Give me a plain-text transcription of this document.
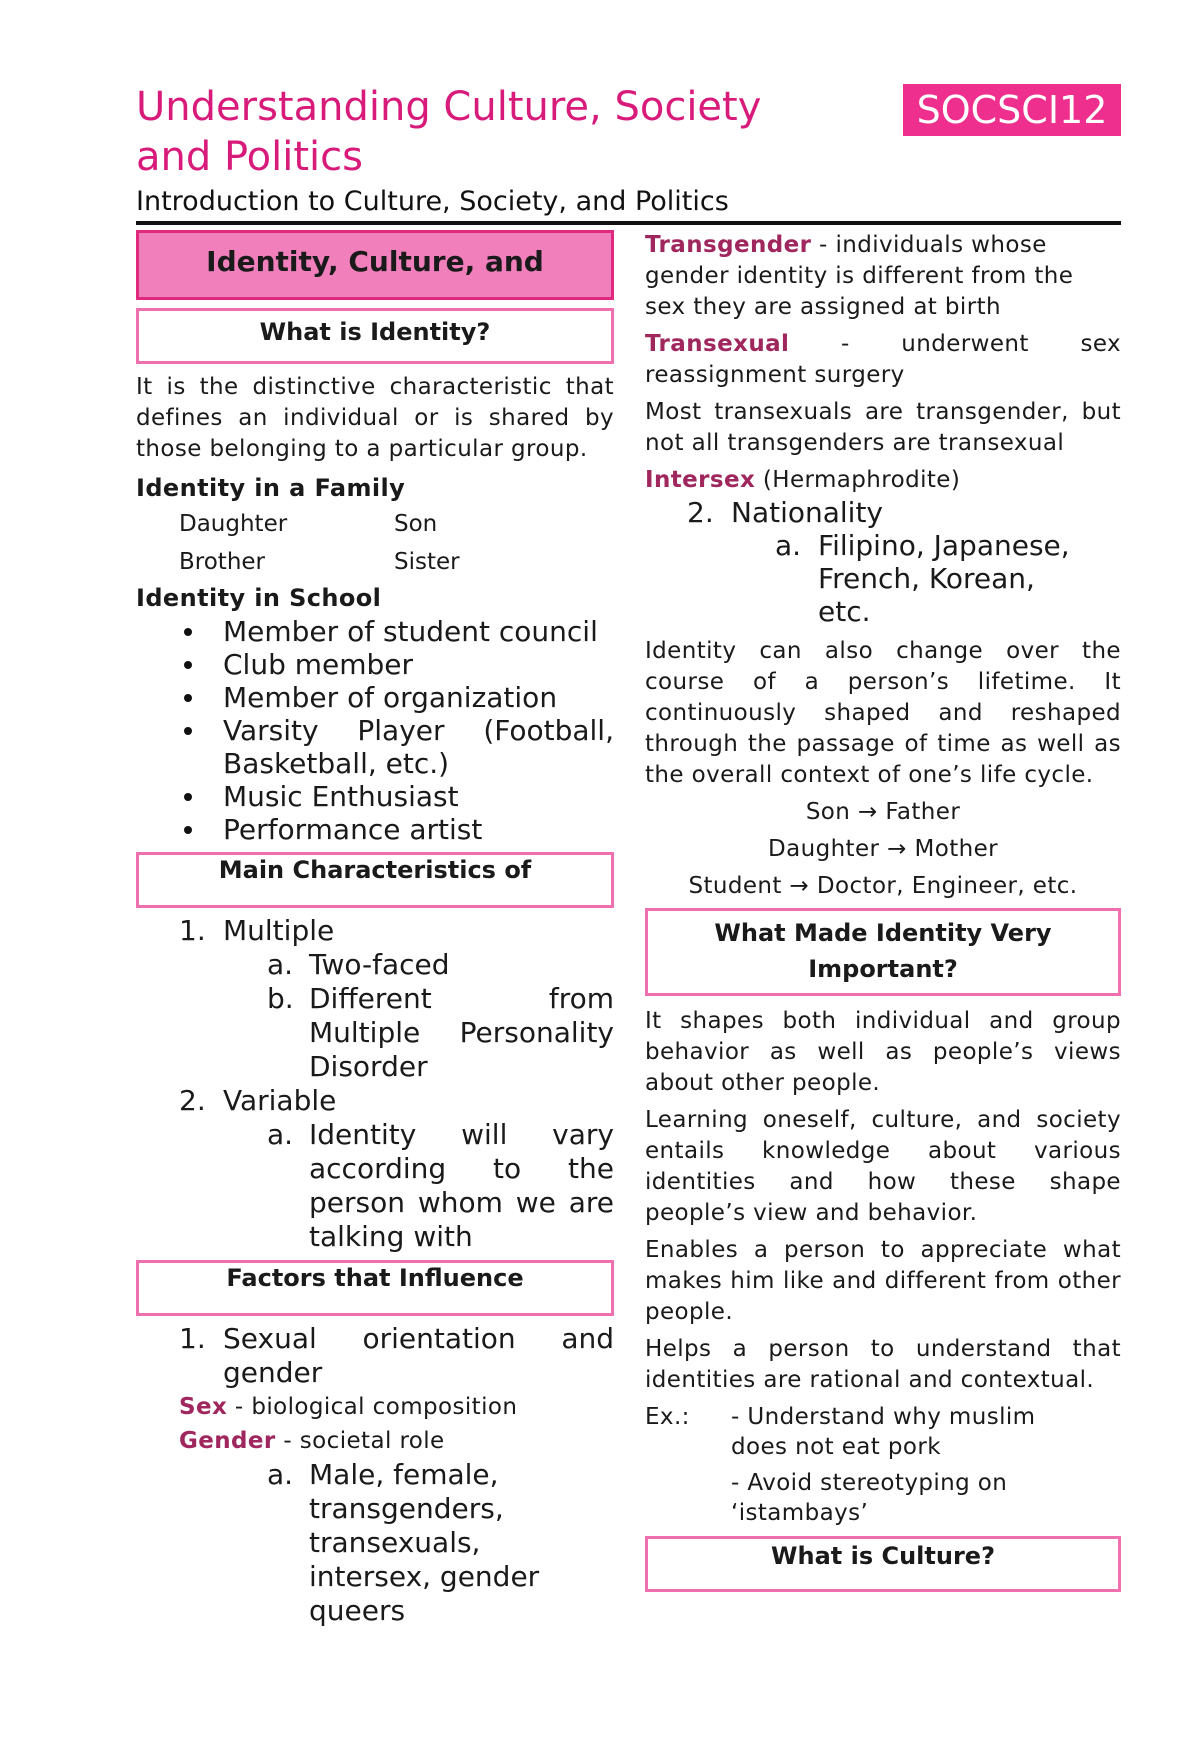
Understanding Culture, Society and Politics
SOCSCI12
Introduction to Culture, Society, and Politics
Identity, Culture, and
What is Identity?

It is the distinctive characteristic that defines an individual or is shared by those belonging to a particular group.

Identity in a Family
Daughter	Son
Brother	Sister
Identity in School
Member of student council
Club member
Member of organization
Varsity Player (Football, Basketball, etc.)
Music Enthusiast
Performance artist
Main Characteristics of
1. Multiple
a. Two-faced
b. Different from Multiple Personality Disorder
2. Variable
a. Identity will vary according to the person whom we are talking with
Factors that Influence
1. Sexual orientation and gender
Sex - biological composition
Gender - societal role
a. Male, female, transgenders, transexuals, intersex, gender queers

Transgender - individuals whose gender identity is different from the sex they are assigned at birth

Transexual - underwent sex reassignment surgery

Most transexuals are transgender, but not all transgenders are transexual

Intersex (Hermaphrodite)

2. Nationality
a. Filipino, Japanese, French, Korean, etc.

Identity can also change over the course of a person’s lifetime. It continuously shaped and reshaped through the passage of time as well as the overall context of one’s life cycle.

Son → Father

Daughter → Mother

Student → Doctor, Engineer, etc.

What Made Identity Very Important?

It shapes both individual and group behavior as well as people’s views about other people.

Learning oneself, culture, and society entails knowledge about various identities and how these shape people’s view and behavior.

Enables a person to appreciate what makes him like and different from other people.

Helps a person to understand that identities are rational and contextual.

Ex.:	- Understand why muslim does not eat pork
- Avoid stereotyping on ‘istambays’
What is Culture?
